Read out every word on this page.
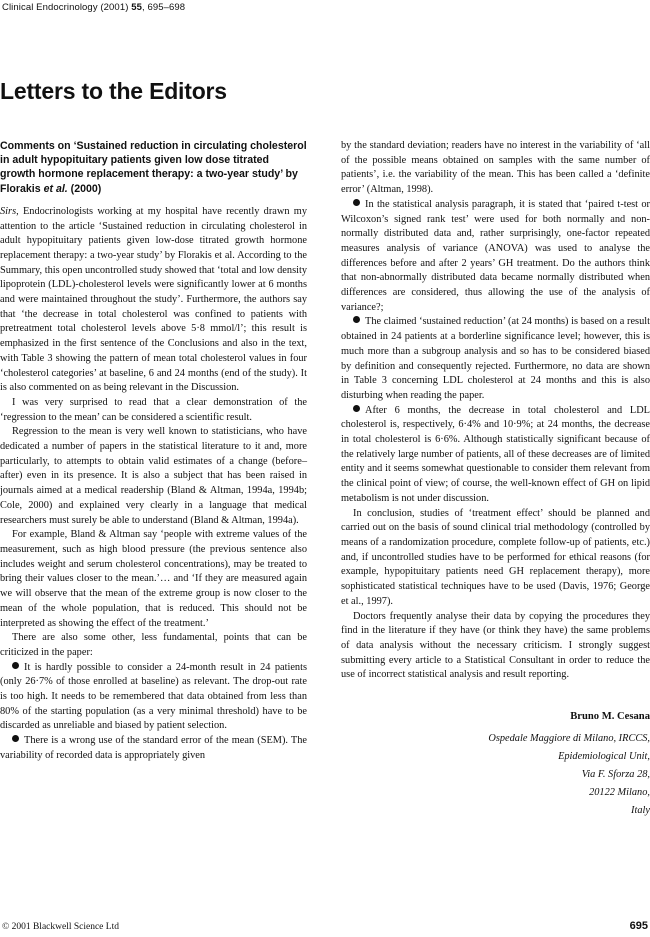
Clinical Endocrinology (2001) 55, 695–698
Letters to the Editors
Comments on ‘Sustained reduction in circulating cholesterol in adult hypopituitary patients given low dose titrated growth hormone replacement therapy: a two-year study’ by Florakis et al. (2000)

Sirs, Endocrinologists working at my hospital have recently drawn my attention to the article ‘Sustained reduction in circulating cholesterol in adult hypopituitary patients given low-dose titrated growth hormone replacement therapy: a two-year study’ by Florakis et al. According to the Summary, this open uncontrolled study showed that ‘total and low density lipoprotein (LDL)-cholesterol levels were significantly lower at 6 months and were maintained throughout the study’. Furthermore, the authors say that ‘the decrease in total cholesterol was confined to patients with pretreatment total cholesterol levels above 5·8 mmol/l’; this result is emphasized in the first sentence of the Conclusions and also in the text, with Table 3 showing the pattern of mean total cholesterol values in four ‘cholesterol categories’ at baseline, 6 and 24 months (end of the study). It is also commented on as being relevant in the Discussion.

I was very surprised to read that a clear demonstration of the ‘regression to the mean’ can be considered a scientific result.

Regression to the mean is very well known to statisticians, who have dedicated a number of papers in the statistical literature to it and, more particularly, to attempts to obtain valid estimates of a change (before–after) even in its presence. It is also a subject that has been raised in journals aimed at a medical readership (Bland & Altman, 1994a, 1994b; Cole, 2000) and explained very clearly in a language that medical researchers must surely be able to understand (Bland & Altman, 1994a).

For example, Bland & Altman say ‘people with extreme values of the measurement, such as high blood pressure (the previous sentence also includes weight and serum cholesterol concentrations), may be treated to bring their values closer to the mean.’… and ‘If they are measured again we will observe that the mean of the extreme group is now closer to the mean of the whole population, that is reduced. This should not be interpreted as showing the effect of the treatment.’

There are also some other, less fundamental, points that can be criticized in the paper:

It is hardly possible to consider a 24-month result in 24 patients (only 26·7% of those enrolled at baseline) as relevant. The drop-out rate is too high. It needs to be remembered that data obtained from less than 80% of the starting population (as a very minimal threshold) have to be discarded as unreliable and biased by patient selection.

There is a wrong use of the standard error of the mean (SEM). The variability of recorded data is appropriately given

by the standard deviation; readers have no interest in the variability of ‘all of the possible means obtained on samples with the same number of patients’, i.e. the variability of the mean. This has been called a ‘definite error’ (Altman, 1998).

In the statistical analysis paragraph, it is stated that ‘paired t-test or Wilcoxon’s signed rank test’ were used for both normally and non-normally distributed data and, rather surprisingly, one-factor repeated measures analysis of variance (ANOVA) was used to analyse the differences before and after 2 years’ GH treatment. Do the authors think that non-abnormally distributed data became normally distributed when differences are considered, thus allowing the use of the analysis of variance?;

The claimed ‘sustained reduction’ (at 24 months) is based on a result obtained in 24 patients at a borderline significance level; however, this is much more than a subgroup analysis and so has to be considered biased by definition and consequently rejected. Furthermore, no data are shown in Table 3 concerning LDL cholesterol at 24 months and this is also disturbing when reading the paper.

After 6 months, the decrease in total cholesterol and LDL cholesterol is, respectively, 6·4% and 10·9%; at 24 months, the decrease in total cholesterol is 6·6%. Although statistically significant because of the relatively large number of patients, all of these decreases are of limited entity and it seems somewhat questionable to consider them relevant from the clinical point of view; of course, the well-known effect of GH on lipid metabolism is not under discussion.

In conclusion, studies of ‘treatment effect’ should be planned and carried out on the basis of sound clinical trial methodology (controlled by means of a randomization procedure, complete follow-up of patients, etc.) and, if uncontrolled studies have to be performed for ethical reasons (for example, hypopituitary patients need GH replacement therapy), more sophisticated statistical techniques have to be used (Davis, 1976; George et al., 1997).

Doctors frequently analyse their data by copying the procedures they find in the literature if they have (or think they have) the same problems of data analysis without the necessary criticism. I strongly suggest submitting every article to a Statistical Consultant in order to reduce the use of incorrect statistical analysis and result reporting.

Bruno M. Cesana
Ospedale Maggiore di Milano, IRCCS,
Epidemiological Unit,
Via F. Sforza 28,
20122 Milano,
Italy
© 2001 Blackwell Science Ltd	695
